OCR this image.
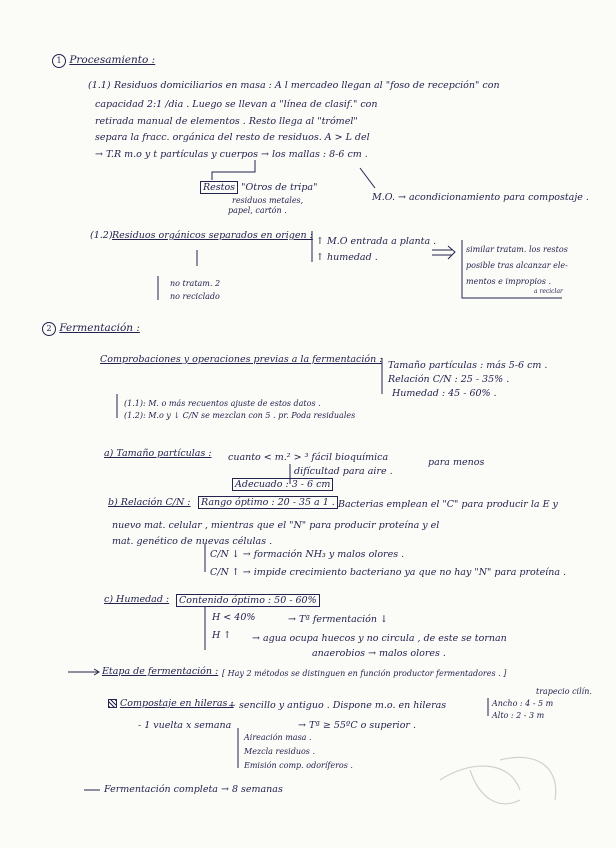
1 Procesamiento :
(1.1) Residuos domiciliarios en masa : A l mercadeo llegan al "foso de recepción" con
capacidad 2:1 /dia . Luego se llevan a "línea de clasif." con
retirada manual de elementos . Resto llega al "trómel"
separa la fracc. orgánica del resto de residuos. A > L del
→ T.R m.o y t partículas y cuerpos → los mallas : 8-6 cm .
Restos "Otros de tripa"
residuos metales,
papel, cartón .
M.O. → acondicionamiento para compostaje .
(1.2) Residuos orgánicos separados en origen :
↑ M.O entrada a planta .
↑ humedad .
similar tratam. los restos
posible tras alcanzar ele-
mentos e impropios .
a reciclar
no tratam. 2
no reciclado
2 Fermentación :
Comprobaciones y operaciones previas a la fermentación :
Tamaño partículas : más 5-6 cm .
Relación C/N : 25 - 35% .
Humedad : 45 - 60% .
(1.1): M. o más recuentos ajuste de estos datos .
(1.2): M.o y ↓ C/N se mezclan con 5 . pr. Poda residuales
a) Tamaño partículas : cuanto < m.² > ³ fácil bioquímica	para menos
difícultad para aire .
Adecuado : 3 - 6 cm
b) Relación C/N :	Rango óptimo : 20 - 35 a 1 . Bacterias emplean el "C" para producir la E y
nuevo mat. celular , mientras que el "N" para producir proteína y el
mat. genético de nuevas células .
C/N ↓ → formación NH₃ y malos olores .
C/N ↑ → impide crecimiento bacteriano ya que no hay "N" para proteína .
c) Humedad :	Contenido óptimo : 50 - 60%
H < 40%	→ Tª fermentación ↓
H ↑ → agua ocupa huecos y no circula , de este se tornan
anaerobios → malos olores .
Etapa de fermentación : [ Hay 2 métodos se distinguen en función productor fermentadores . ]
Compostaje en hileras :
+ sencillo y antiguo . Dispone m.o. en hileras
trapecio cilín.
Ancho : 4 - 5 m
Alto : 2 - 3 m
- 1 vuelta x semana	→ Tª ≥ 55ºC o superior .
Aireación masa .
Mezcla residuos .
Emisión comp. odoríferos .
Fermentación completa → 8 semanas
